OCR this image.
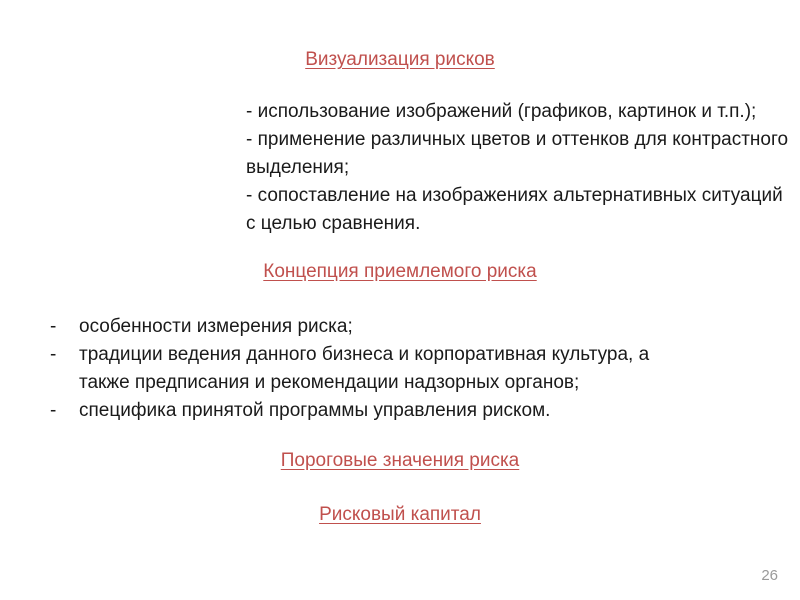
Визуализация рисков
- использование изображений (графиков, картинок и т.п.);
- применение различных цветов и оттенков для контрастного
выделения;
- сопоставление на изображениях альтернативных ситуаций
с целью сравнения.
Концепция приемлемого риска
- особенности измерения риска;
- традиции ведения данного бизнеса и корпоративная культура, а
также предписания и рекомендации надзорных органов;
- специфика принятой программы управления риском.
Пороговые значения риска
Рисковый капитал
26
